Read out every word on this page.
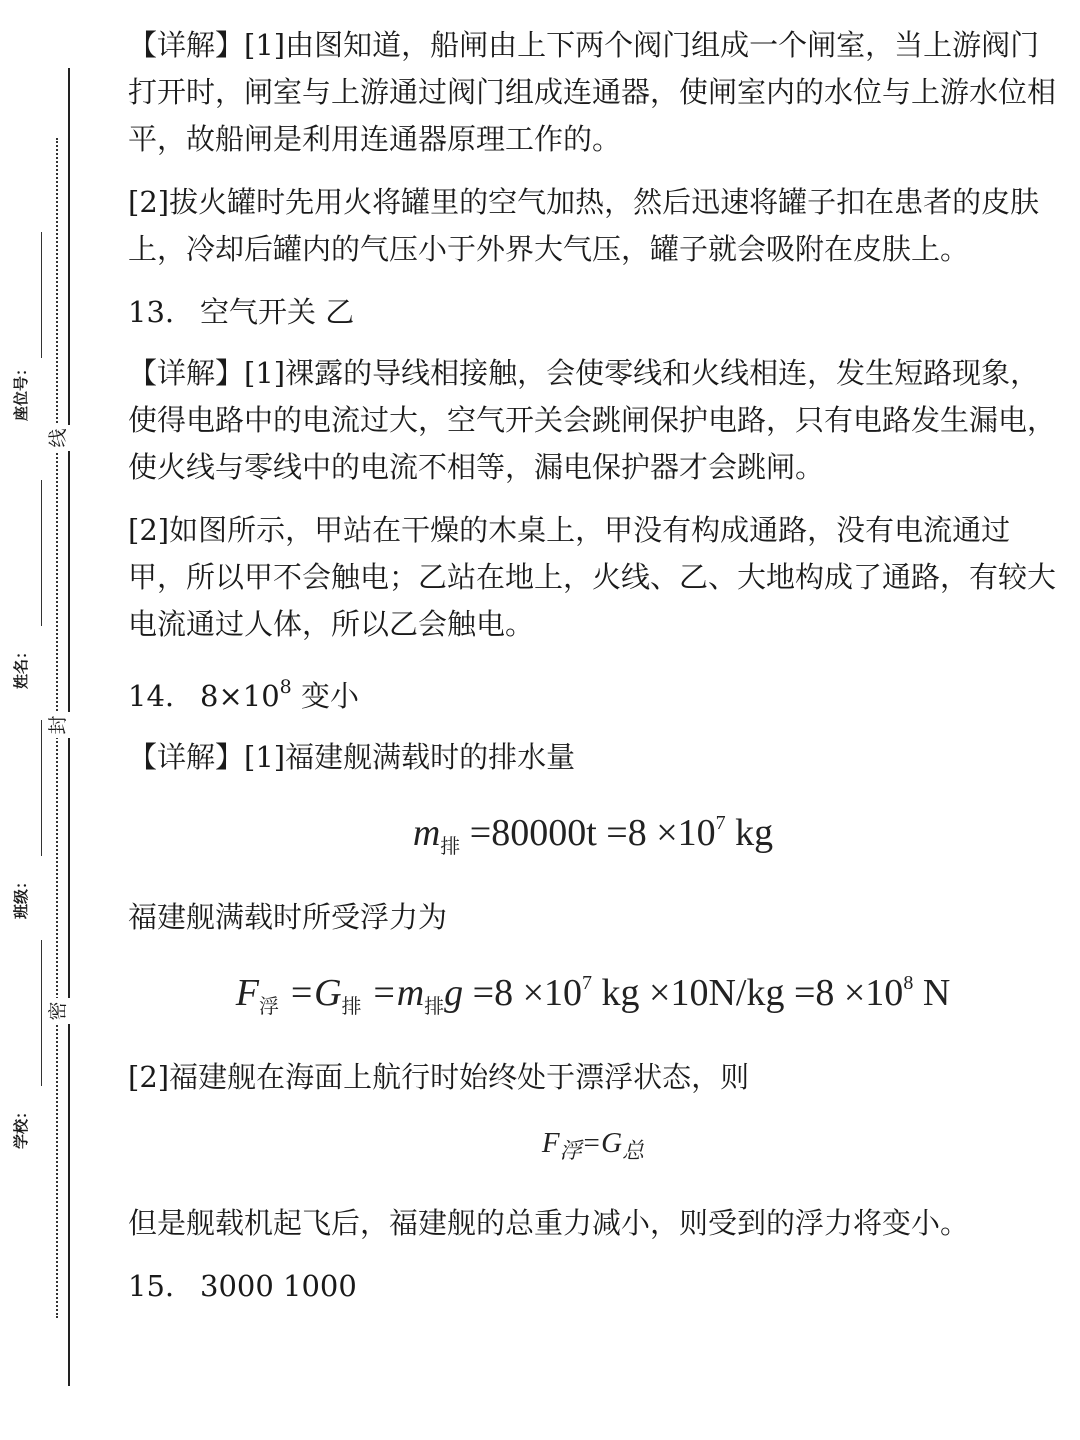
线
封
密
座位号：
姓名：
班级：
学校：

【详解】[1]由图知道，船闸由上下两个阀门组成一个闸室，当上游阀门打开时，闸室与上游通过阀门组成连通器，使闸室内的水位与上游水位相平，故船闸是利用连通器原理工作的。

[2]拔火罐时先用火将罐里的空气加热，然后迅速将罐子扣在患者的皮肤上，冷却后罐内的气压小于外界大气压，罐子就会吸附在皮肤上。

13. 空气开关 乙

【详解】[1]裸露的导线相接触，会使零线和火线相连，发生短路现象，使得电路中的电流过大，空气开关会跳闸保护电路，只有电路发生漏电，使火线与零线中的电流不相等，漏电保护器才会跳闸。

[2]如图所示，甲站在干燥的木桌上，甲没有构成通路，没有电流通过甲，所以甲不会触电；乙站在地上，火线、乙、大地构成了通路，有较大电流通过人体，所以乙会触电。

14. $8\times 10^8$ 变小

【详解】[1]福建舰满载时的排水量

$m_排 =80000t =8 \times 10^7$ kg

福建舰满载时所受浮力为

$F_浮 =G_排 =m_排g =8 \times 10^7$ kg $\times 10N/kg =8 \times 10^8$ N

[2]福建舰在海面上航行时始终处于漂浮状态，则

$F_浮=G_总$

但是舰载机起飞后，福建舰的总重力减小，则受到的浮力将变小。

15. 3000 1000
